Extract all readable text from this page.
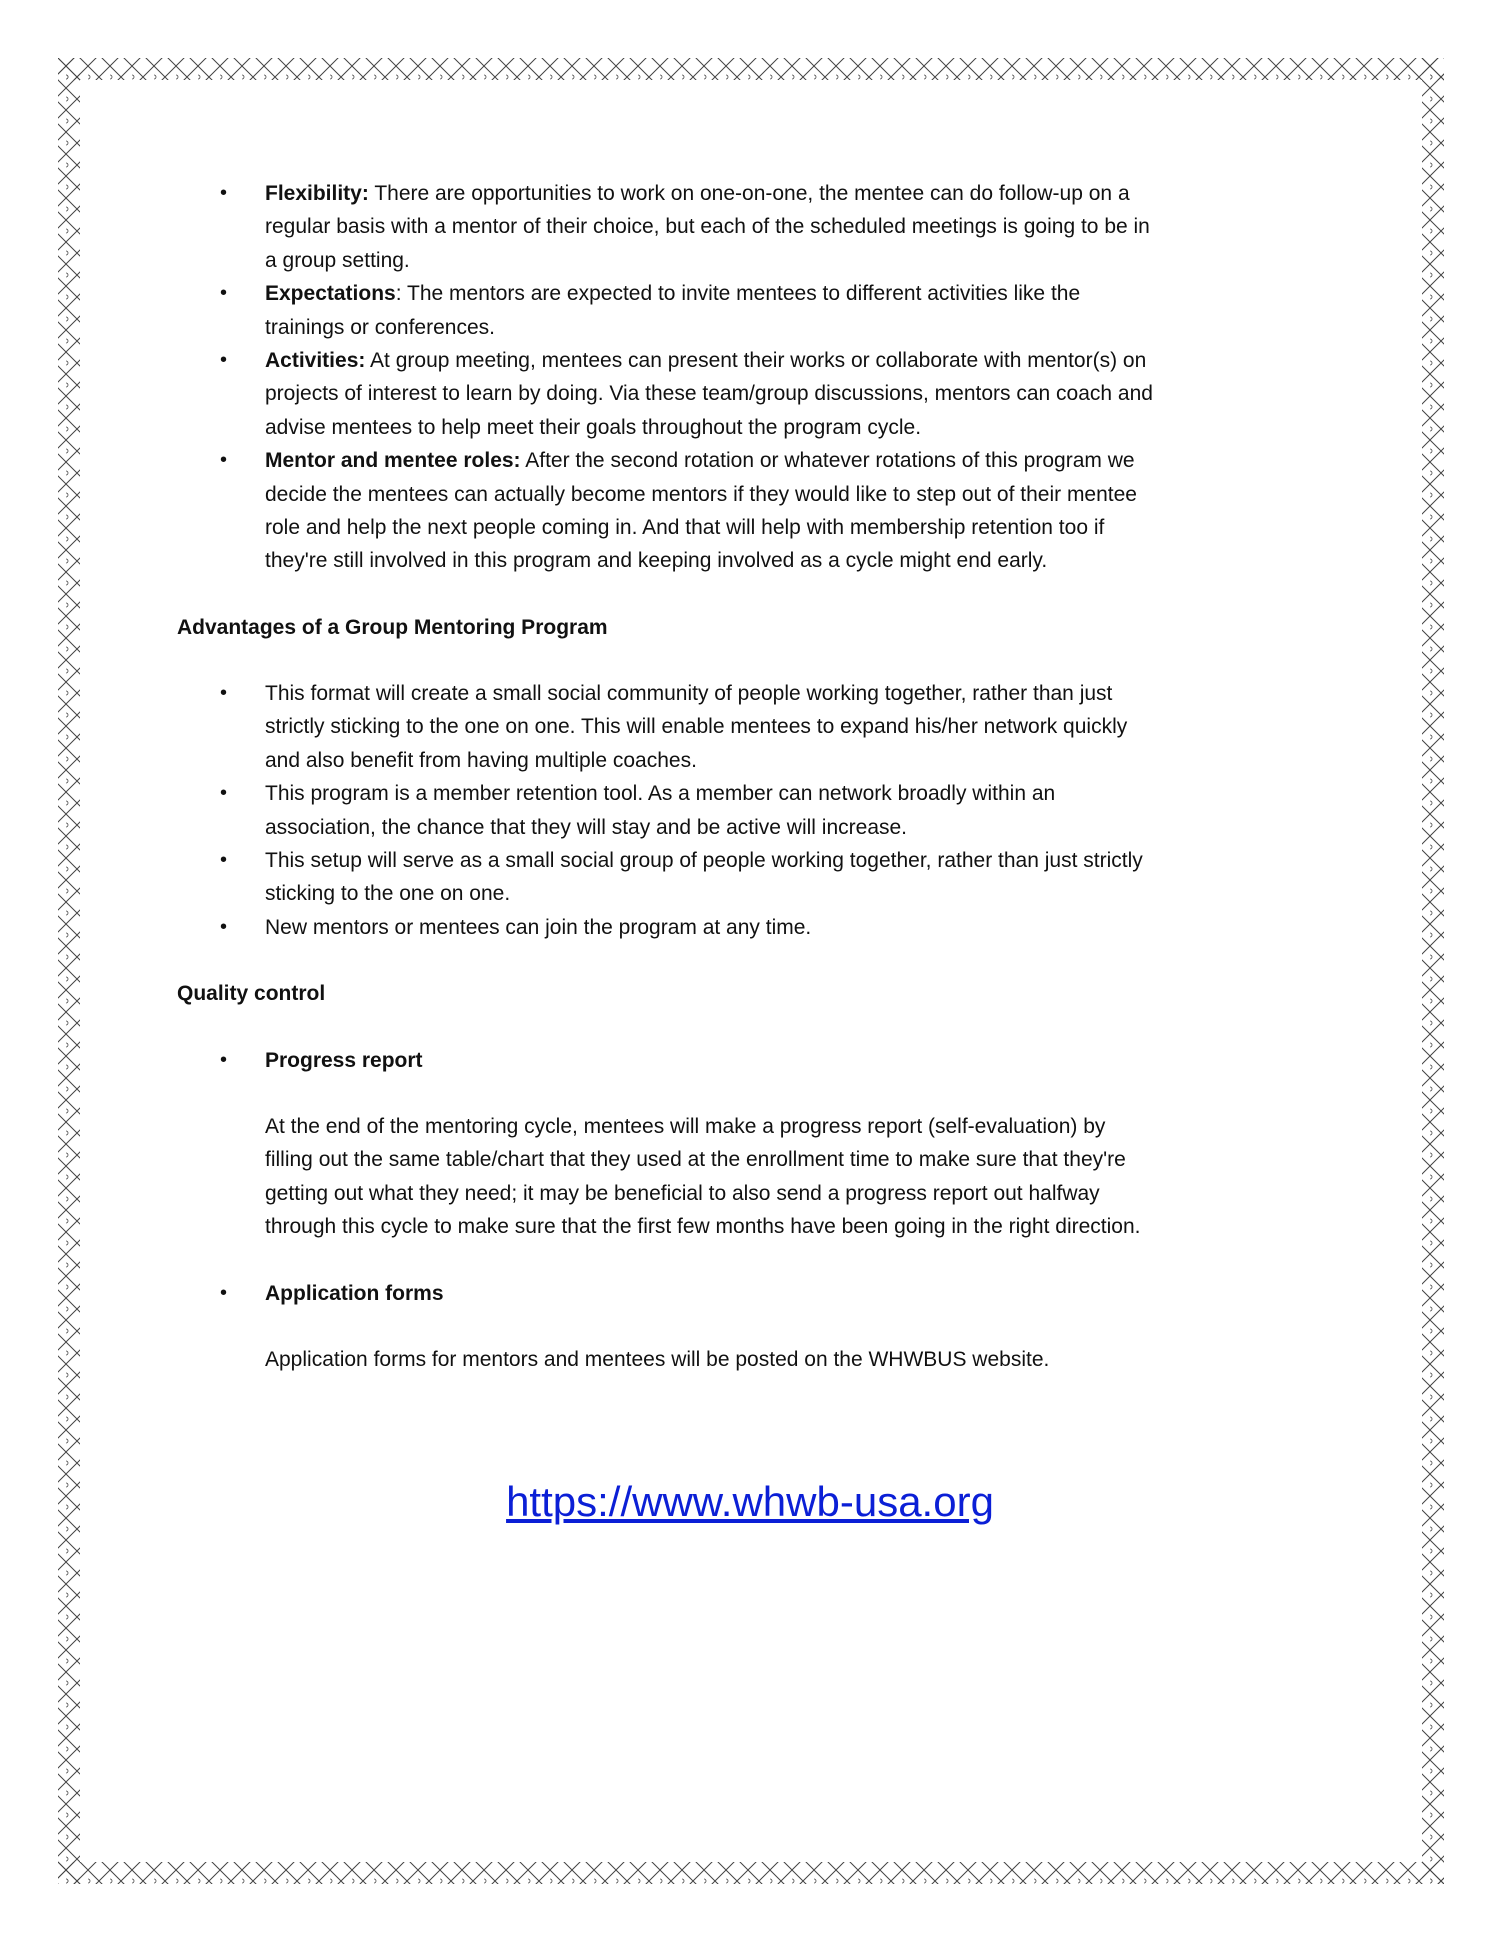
• Flexibility: There are opportunities to work on one-on-one, the mentee can do follow-up on a
regular basis with a mentor of their choice, but each of the scheduled meetings is going to be in
a group setting.
• Expectations: The mentors are expected to invite mentees to different activities like the
trainings or conferences.
• Activities: At group meeting, mentees can present their works or collaborate with mentor(s) on
projects of interest to learn by doing. Via these team/group discussions, mentors can coach and
advise mentees to help meet their goals throughout the program cycle.
• Mentor and mentee roles: After the second rotation or whatever rotations of this program we
decide the mentees can actually become mentors if they would like to step out of their mentee
role and help the next people coming in. And that will help with membership retention too if
they're still involved in this program and keeping involved as a cycle might end early.
Advantages of a Group Mentoring Program
• This format will create a small social community of people working together, rather than just
strictly sticking to the one on one. This will enable mentees to expand his/her network quickly
and also benefit from having multiple coaches.
• This program is a member retention tool. As a member can network broadly within an
association, the chance that they will stay and be active will increase.
• This setup will serve as a small social group of people working together, rather than just strictly
sticking to the one on one.
• New mentors or mentees can join the program at any time.
Quality control
• Progress report
At the end of the mentoring cycle, mentees will make a progress report (self-evaluation) by
filling out the same table/chart that they used at the enrollment time to make sure that they're
getting out what they need; it may be beneficial to also send a progress report out halfway
through this cycle to make sure that the first few months have been going in the right direction.
• Application forms
Application forms for mentors and mentees will be posted on the WHWBUS website.
https://www.whwb-usa.org
